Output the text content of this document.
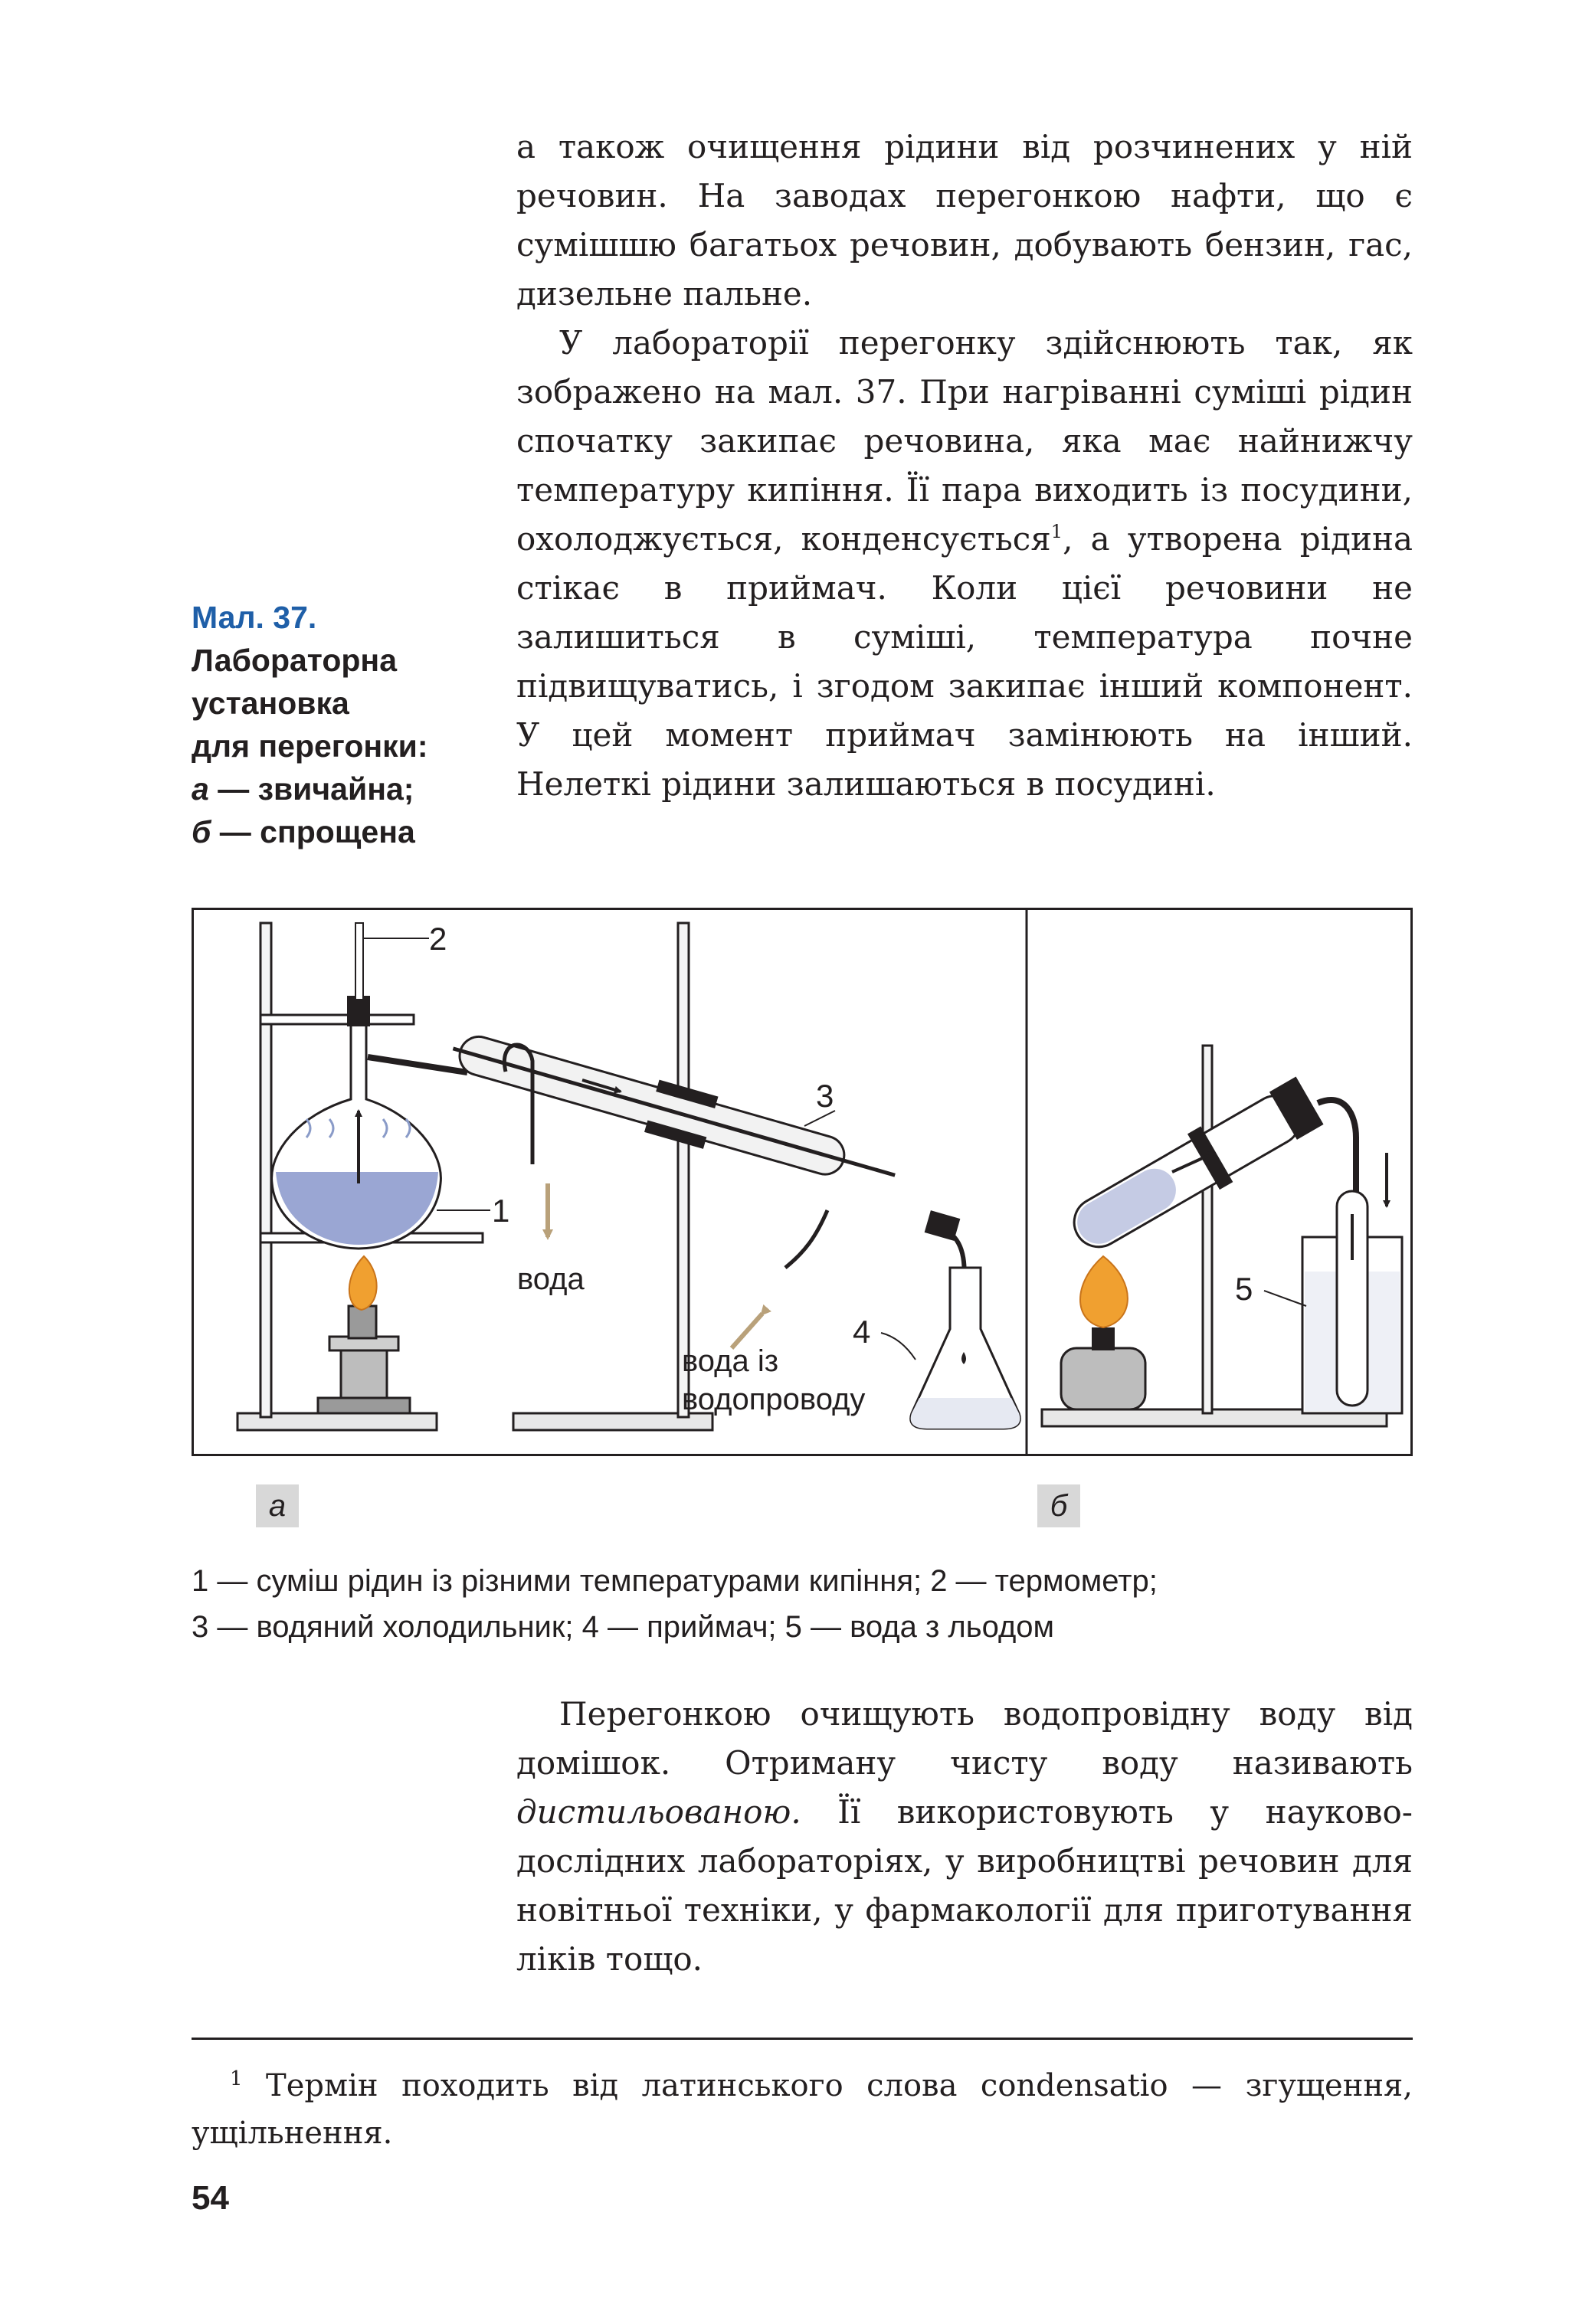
а також очищення рідини від розчинених у ній речовин. На заводах перегонкою нафти, що є сумішшю багатьох речовин, добувають бензин, гас, дизельне пальне.

У лабораторії перегонку здійснюють так, як зображено на мал. 37. При нагріванні суміші рідин спочатку закипає речовина, яка має найнижчу температуру кипіння. Її пара виходить із посудини, охолоджується, конденсується$^1$, а утворена рідина стікає в приймач. Коли цієї речовини не залишиться в суміші, температура почне підвищуватись, і згодом закипає інший компонент. У цей момент приймач замінюють на інший. Нелеткі рідини залишаються в посудині.

Мал. 37.
Лабораторна
установка
для перегонки:
а — звичайна;
б — спрощена
2
1
3
4
вода
вода із
водопроводу
5
а	б
1 — суміш рідин із різними температурами кипіння; 2 — термометр;
3 — водяний холодильник; 4 — приймач; 5 — вода з льодом

Перегонкою очищують водопровідну воду від домішок. Отриману чисту воду називають дистильованою. Її використовують у науково-дослідних лабораторіях, у виробництві речовин для новітньої техніки, у фармакології для приготування ліків тощо.

$^1$ Термін походить від латинського слова condensatio — згущення, ущільнення.
54
